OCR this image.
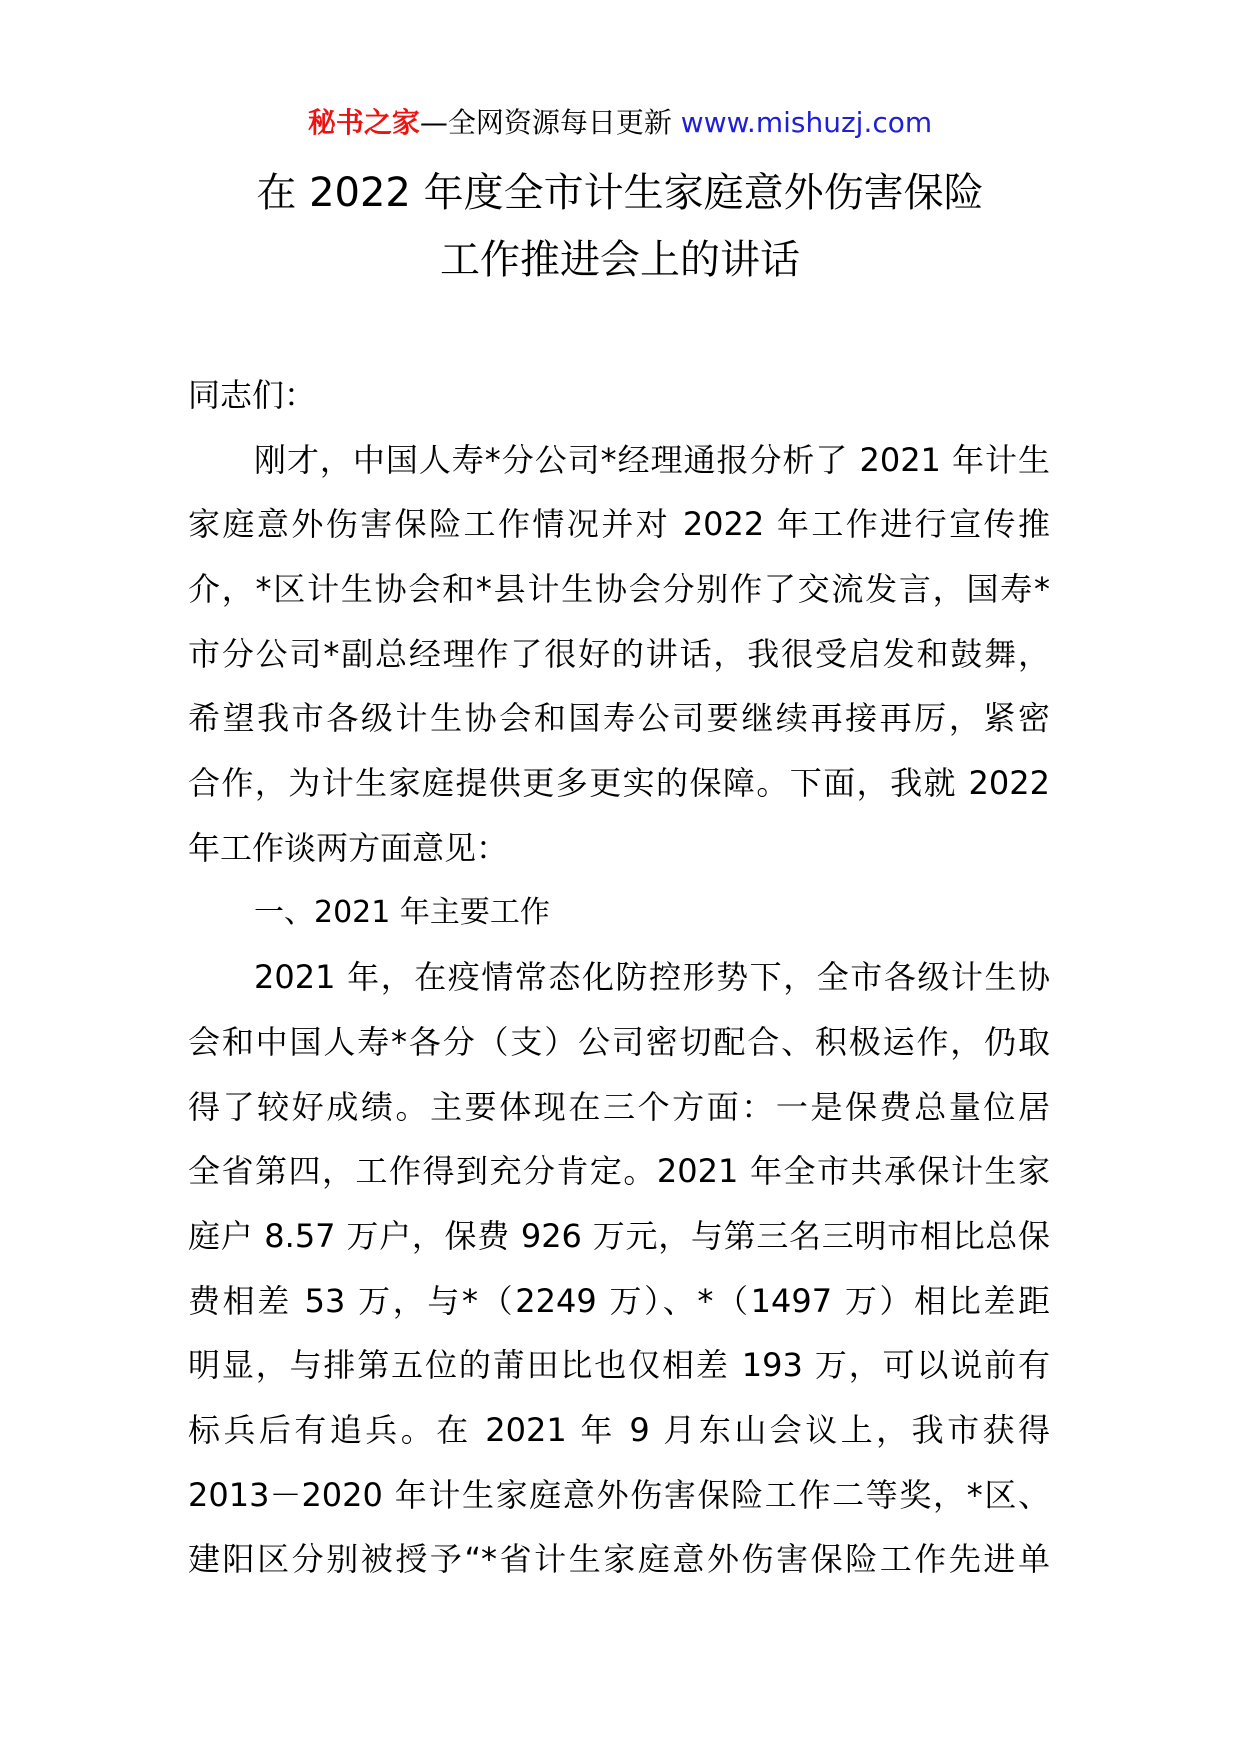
秘书之家—全网资源每日更新 www.mishuzj.com
在 2022 年度全市计生家庭意外伤害保险
工作推进会上的讲话
同志们：
刚才，中国人寿*分公司*经理通报分析了 2021 年计生
家庭意外伤害保险工作情况并对 2022 年工作进行宣传推
介，*区计生协会和*县计生协会分别作了交流发言，国寿*
市分公司*副总经理作了很好的讲话，我很受启发和鼓舞，
希望我市各级计生协会和国寿公司要继续再接再厉，紧密
合作，为计生家庭提供更多更实的保障。下面，我就 2022
年工作谈两方面意见：
一、2021 年主要工作
2021 年，在疫情常态化防控形势下，全市各级计生协
会和中国人寿*各分（支）公司密切配合、积极运作，仍取
得了较好成绩。主要体现在三个方面：一是保费总量位居
全省第四，工作得到充分肯定。2021 年全市共承保计生家
庭户 8.57 万户，保费 926 万元，与第三名三明市相比总保
费相差 53 万，与*（2249 万）、*（1497 万）相比差距
明显，与排第五位的莆田比也仅相差 193 万，可以说前有
标兵后有追兵。在 2021 年 9 月东山会议上，我市获得
2013－2020 年计生家庭意外伤害保险工作二等奖，*区、
建阳区分别被授予“*省计生家庭意外伤害保险工作先进单
